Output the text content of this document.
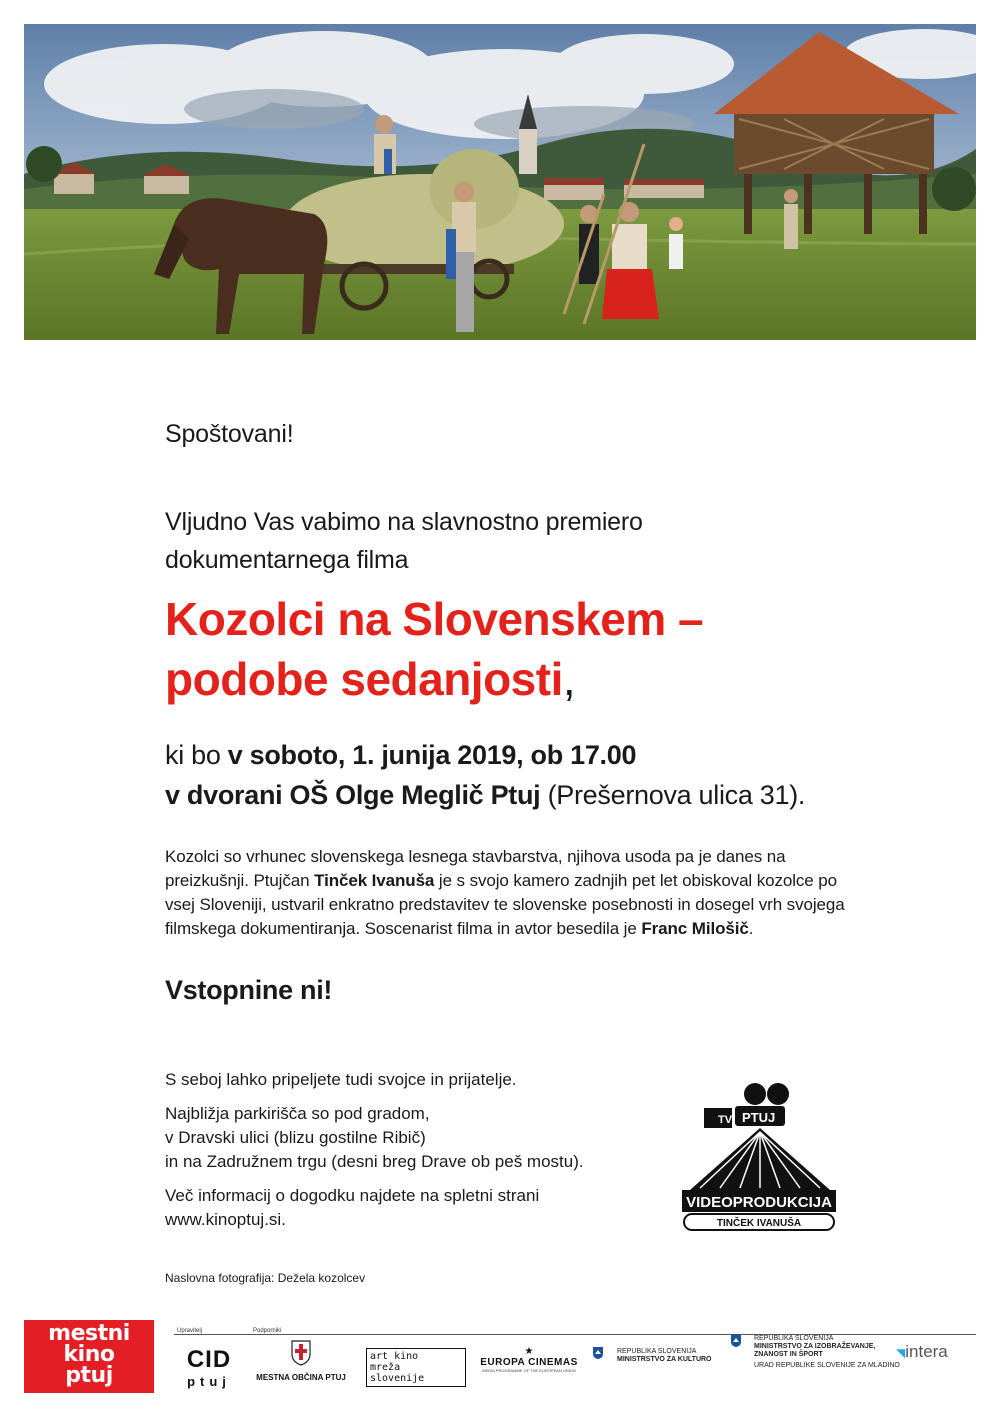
Spoštovani!

Vljudno Vas vabimo na slavnostno premiero
dokumentarnega filma

Kozolci na Slovenskem –
podobe sedanjosti,

ki bo v soboto, 1. junija 2019, ob 17.00
v dvorani OŠ Olge Meglič Ptuj (Prešernova ulica 31).

Kozolci so vrhunec slovenskega lesnega stavbarstva, njihova usoda pa je danes na preizkušnji. Ptujčan Tinček Ivanuša je s svojo kamero zadnjih pet let obiskoval kozolce po vsej Sloveniji, ustvaril enkratno predstavitev te slovenske posebnosti in dosegel vrh svojega filmskega dokumentiranja. Soscenarist filma in avtor besedila je Franc Milošič.

Vstopnine ni!

S seboj lahko pripeljete tudi svojce in prijatelje.

Najbližja parkirišča so pod gradom,

v Dravski ulici (blizu gostilne Ribič)

in na Zadružnem trgu (desni breg Drave ob peš mostu).

Več informacij o dogodku najdete na spletni strani

www.kinoptuj.si.

Naslovna fotografija: Dežela kozolcev
TV PTUJ
VIDEOPRODUKCIJA
TINČEK IVANUŠA
mestni
kino
ptuj
Upravitelj	Podporniki
CID
ptuj	MESTNA OBČINA PTUJ
art kino
mreža
slovenije
★
EUROPA CINEMAS
MEDIA PROGRAMME OF THE EUROPEAN UNION
REPUBLIKA SLOVENIJA
MINISTRSTVO ZA KULTURO
REPUBLIKA SLOVENIJA
MINISTRSTVO ZA IZOBRAŽEVANJE,
ZNANOST IN ŠPORT
URAD REPUBLIKE SLOVENIJE ZA MLADINO
◥intera
